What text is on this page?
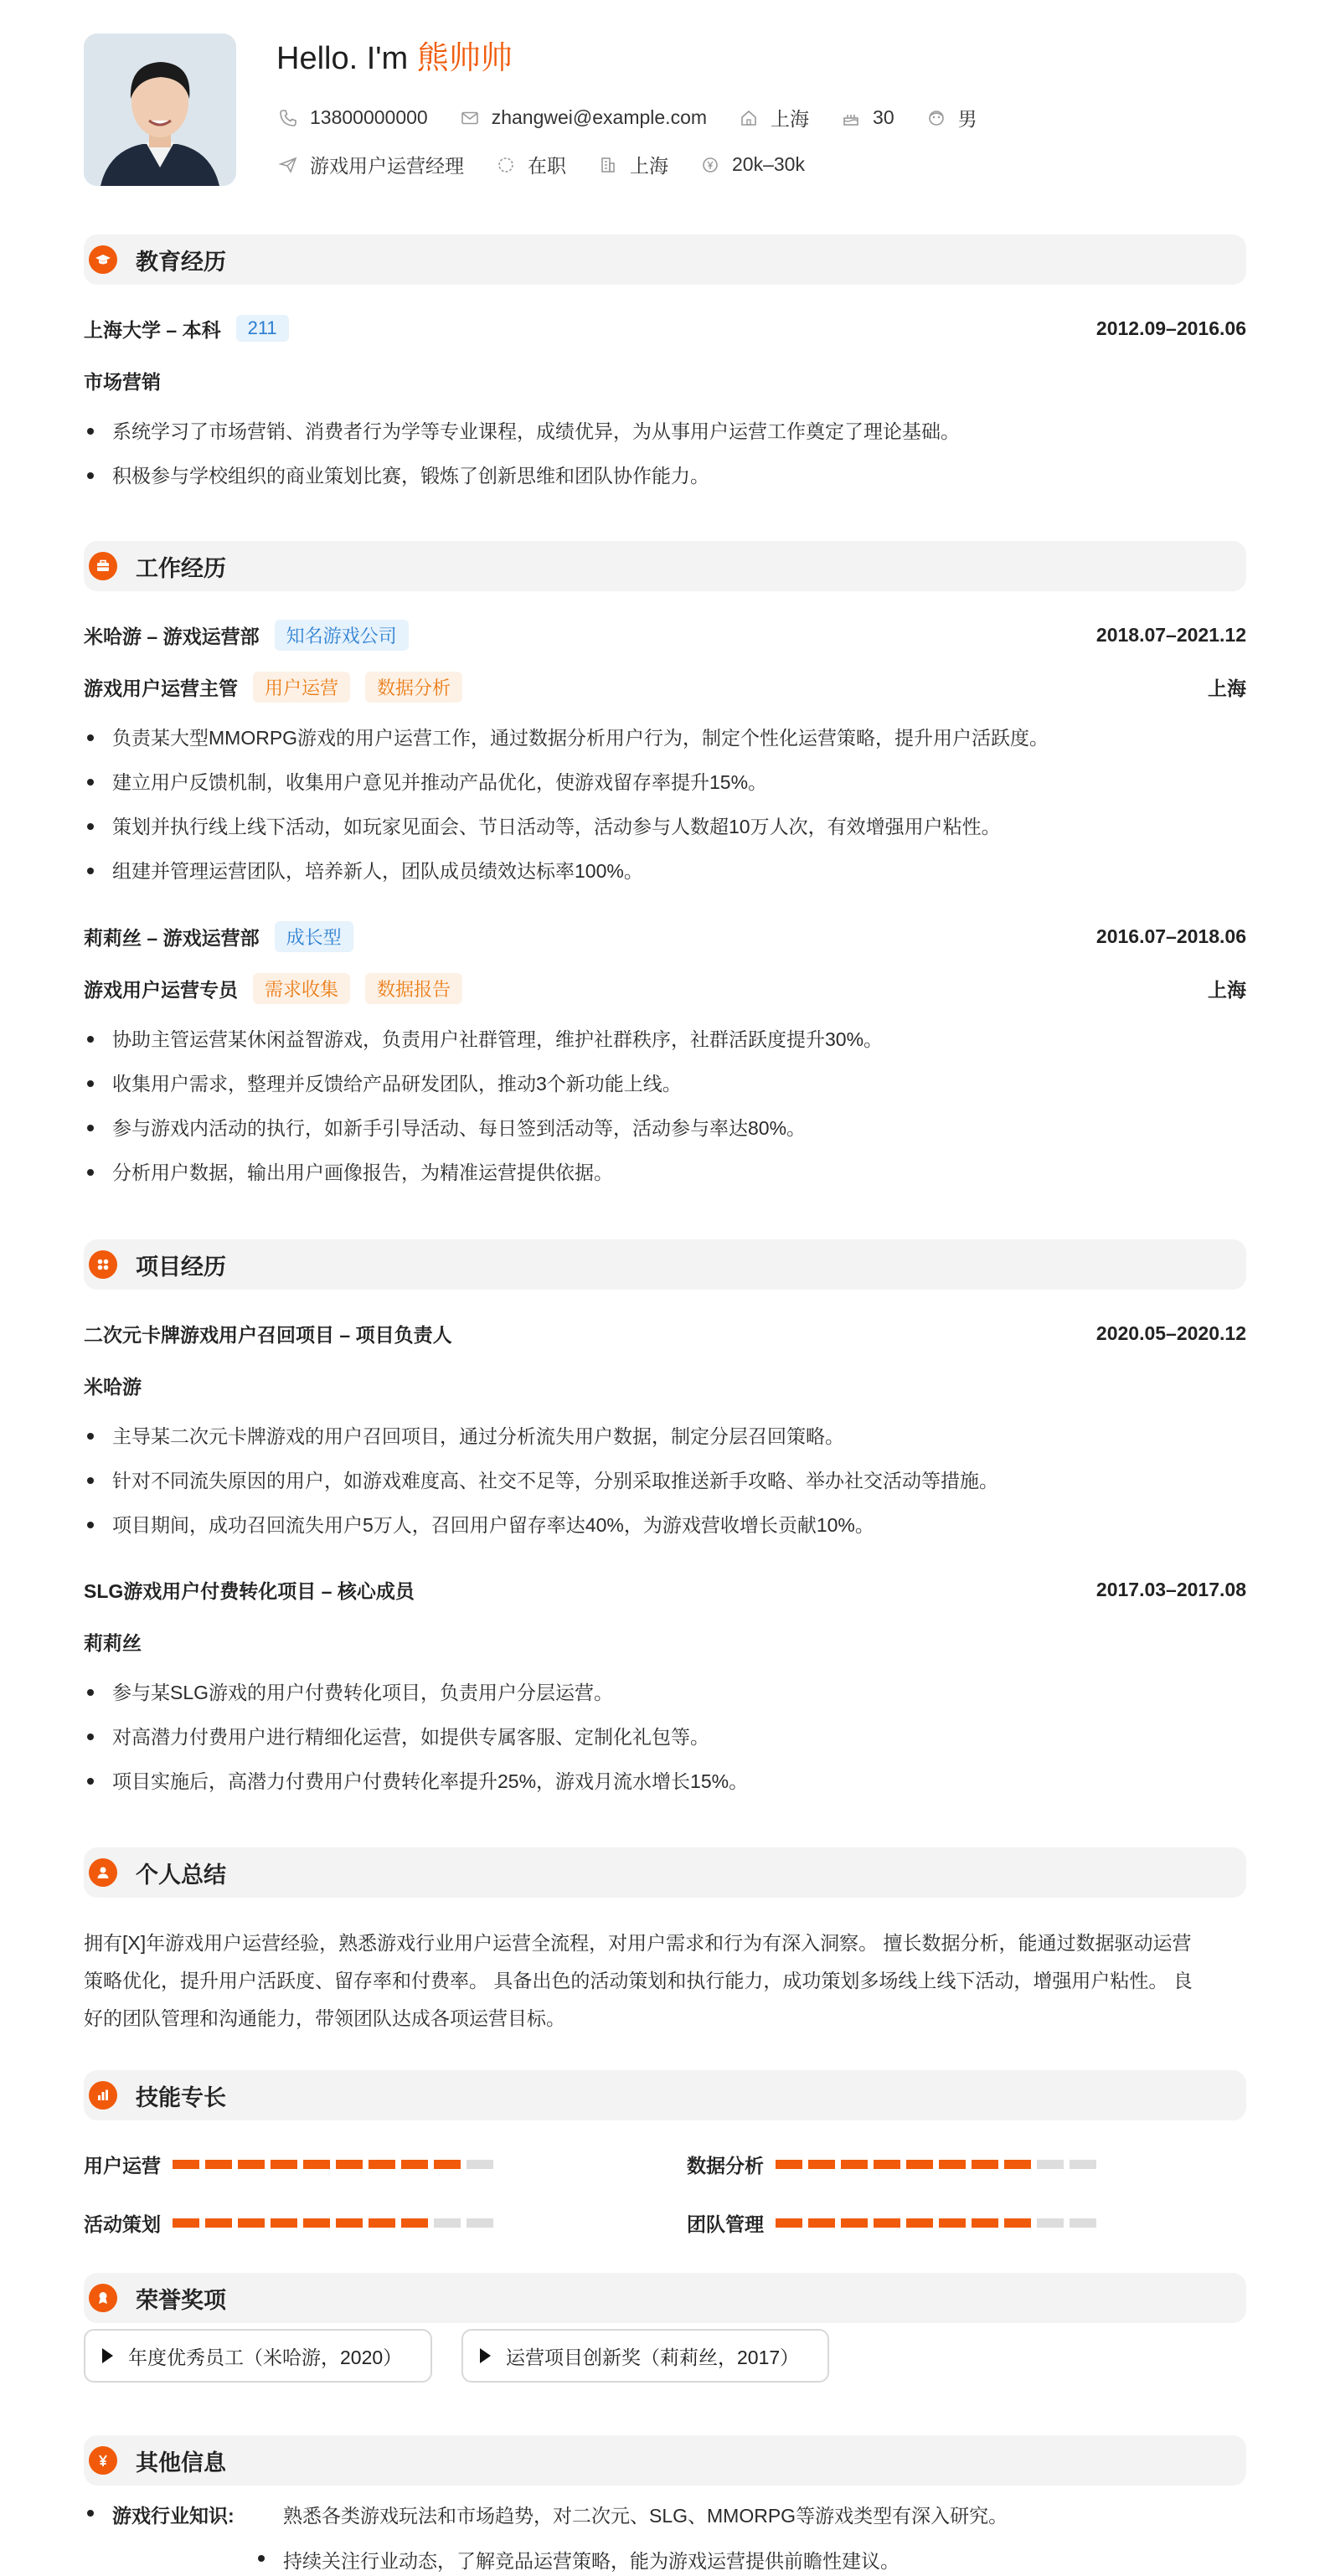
Hello. I'm 熊帅帅
13800000000	zhangwei@example.com	上海	30	男
游戏用户运营经理	在职	上海	20k–30k
教育经历
上海大学 – 本科	211	2012.09–2016.06
市场营销
系统学习了市场营销、消费者行为学等专业课程，成绩优异，为从事用户运营工作奠定了理论基础。
积极参与学校组织的商业策划比赛，锻炼了创新思维和团队协作能力。
工作经历
米哈游 – 游戏运营部	知名游戏公司	2018.07–2021.12
游戏用户运营主管	用户运营	数据分析	上海
负责某大型MMORPG游戏的用户运营工作，通过数据分析用户行为，制定个性化运营策略，提升用户活跃度。
建立用户反馈机制，收集用户意见并推动产品优化，使游戏留存率提升15%。
策划并执行线上线下活动，如玩家见面会、节日活动等，活动参与人数超10万人次，有效增强用户粘性。
组建并管理运营团队，培养新人，团队成员绩效达标率100%。
莉莉丝 – 游戏运营部	成长型	2016.07–2018.06
游戏用户运营专员	需求收集	数据报告	上海
协助主管运营某休闲益智游戏，负责用户社群管理，维护社群秩序，社群活跃度提升30%。
收集用户需求，整理并反馈给产品研发团队，推动3个新功能上线。
参与游戏内活动的执行，如新手引导活动、每日签到活动等，活动参与率达80%。
分析用户数据，输出用户画像报告，为精准运营提供依据。
项目经历
二次元卡牌游戏用户召回项目 – 项目负责人	2020.05–2020.12
米哈游
主导某二次元卡牌游戏的用户召回项目，通过分析流失用户数据，制定分层召回策略。
针对不同流失原因的用户，如游戏难度高、社交不足等，分别采取推送新手攻略、举办社交活动等措施。
项目期间，成功召回流失用户5万人，召回用户留存率达40%，为游戏营收增长贡献10%。
SLG游戏用户付费转化项目 – 核心成员	2017.03–2017.08
莉莉丝
参与某SLG游戏的用户付费转化项目，负责用户分层运营。
对高潜力付费用户进行精细化运营，如提供专属客服、定制化礼包等。
项目实施后，高潜力付费用户付费转化率提升25%，游戏月流水增长15%。
个人总结
拥有[X]年游戏用户运营经验，熟悉游戏行业用户运营全流程，对用户需求和行为有深入洞察。 擅长数据分析，能通过数据驱动运营
策略优化，提升用户活跃度、留存率和付费率。 具备出色的活动策划和执行能力，成功策划多场线上线下活动，增强用户粘性。 良
好的团队管理和沟通能力，带领团队达成各项运营目标。
技能专长
用户运营	数据分析
活动策划	团队管理
荣誉奖项
年度优秀员工（米哈游，2020）	运营项目创新奖（莉莉丝，2017）
其他信息
游戏行业知识:	熟悉各类游戏玩法和市场趋势，对二次元、SLG、MMORPG等游戏类型有深入研究。
持续关注行业动态，了解竞品运营策略，能为游戏运营提供前瞻性建议。
